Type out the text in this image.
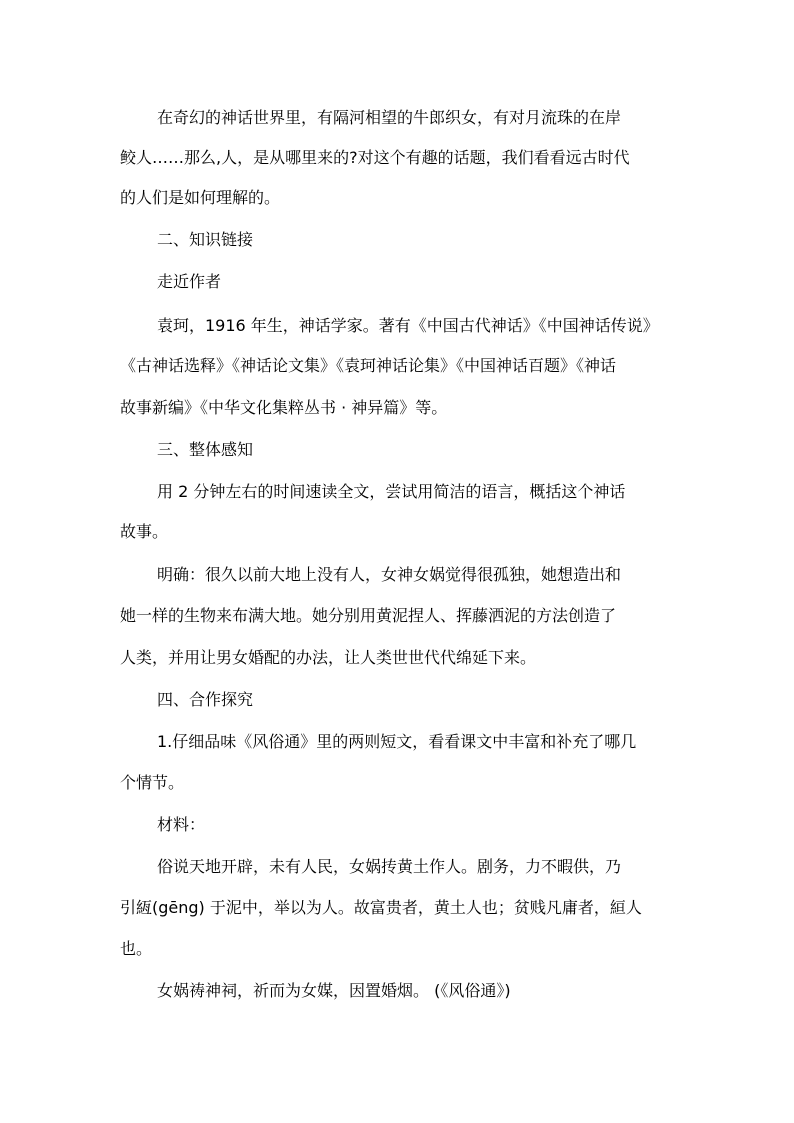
在奇幻的神话世界里，有隔河相望的牛郎织女，有对月流珠的在岸
鲛人……那么,人，是从哪里来的?对这个有趣的话题，我们看看远古时代
的人们是如何理解的。
二、知识链接
走近作者
袁珂，1916 年生，神话学家。著有《中国古代神话》《中国神话传说》
《古神话选释》《神话论文集》《袁珂神话论集》《中国神话百题》《神话
故事新编》《中华文化集粹丛书 · 神异篇》等。
三、整体感知
用 2 分钟左右的时间速读全文，尝试用简洁的语言，概括这个神话
故事。
明确：很久以前大地上没有人，女神女娲觉得很孤独，她想造出和
她一样的生物来布满大地。她分别用黄泥捏人、挥藤洒泥的方法创造了
人类，并用让男女婚配的办法，让人类世世代代绵延下来。
四、合作探究
1.仔细品味《风俗通》里的两则短文，看看课文中丰富和补充了哪几
个情节。
材料：
俗说天地开辟，未有人民，女娲抟黄土作人。剧务，力不暇供，乃
引絚(gēng) 于泥中，举以为人。故富贵者，黄土人也；贫贱凡庸者，絙人
也。
女娲祷神祠，祈而为女媒，因置婚烟。 (《风俗通》)
